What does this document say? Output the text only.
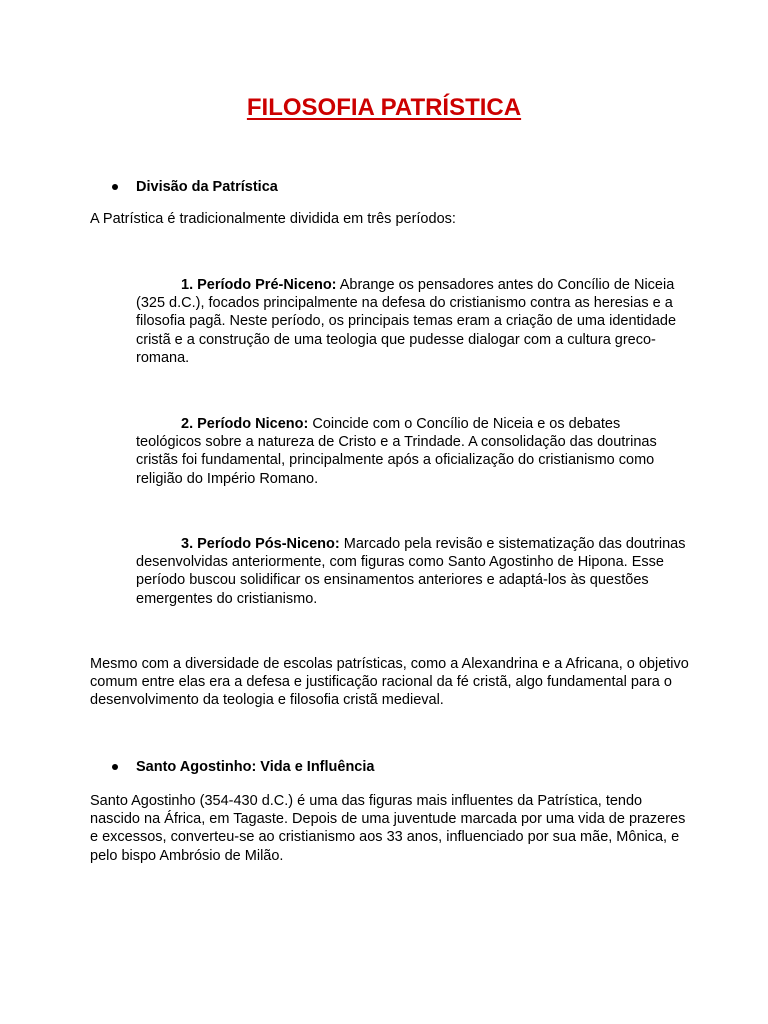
FILOSOFIA PATRÍSTICA
Divisão da Patrística

A Patrística é tradicionalmente dividida em três períodos:

1. Período Pré-Niceno: Abrange os pensadores antes do Concílio de Niceia (325 d.C.), focados principalmente na defesa do cristianismo contra as heresias e a filosofia pagã. Neste período, os principais temas eram a criação de uma identidade cristã e a construção de uma teologia que pudesse dialogar com a cultura greco-romana.

2. Período Niceno: Coincide com o Concílio de Niceia e os debates teológicos sobre a natureza de Cristo e a Trindade. A consolidação das doutrinas cristãs foi fundamental, principalmente após a oficialização do cristianismo como religião do Império Romano.

3. Período Pós-Niceno: Marcado pela revisão e sistematização das doutrinas desenvolvidas anteriormente, com figuras como Santo Agostinho de Hipona. Esse período buscou solidificar os ensinamentos anteriores e adaptá-los às questões emergentes do cristianismo.

Mesmo com a diversidade de escolas patrísticas, como a Alexandrina e a Africana, o objetivo comum entre elas era a defesa e justificação racional da fé cristã, algo fundamental para o desenvolvimento da teologia e filosofia cristã medieval.

Santo Agostinho: Vida e Influência

Santo Agostinho (354-430 d.C.) é uma das figuras mais influentes da Patrística, tendo nascido na África, em Tagaste. Depois de uma juventude marcada por uma vida de prazeres e excessos, converteu-se ao cristianismo aos 33 anos, influenciado por sua mãe, Mônica, e pelo bispo Ambrósio de Milão.
